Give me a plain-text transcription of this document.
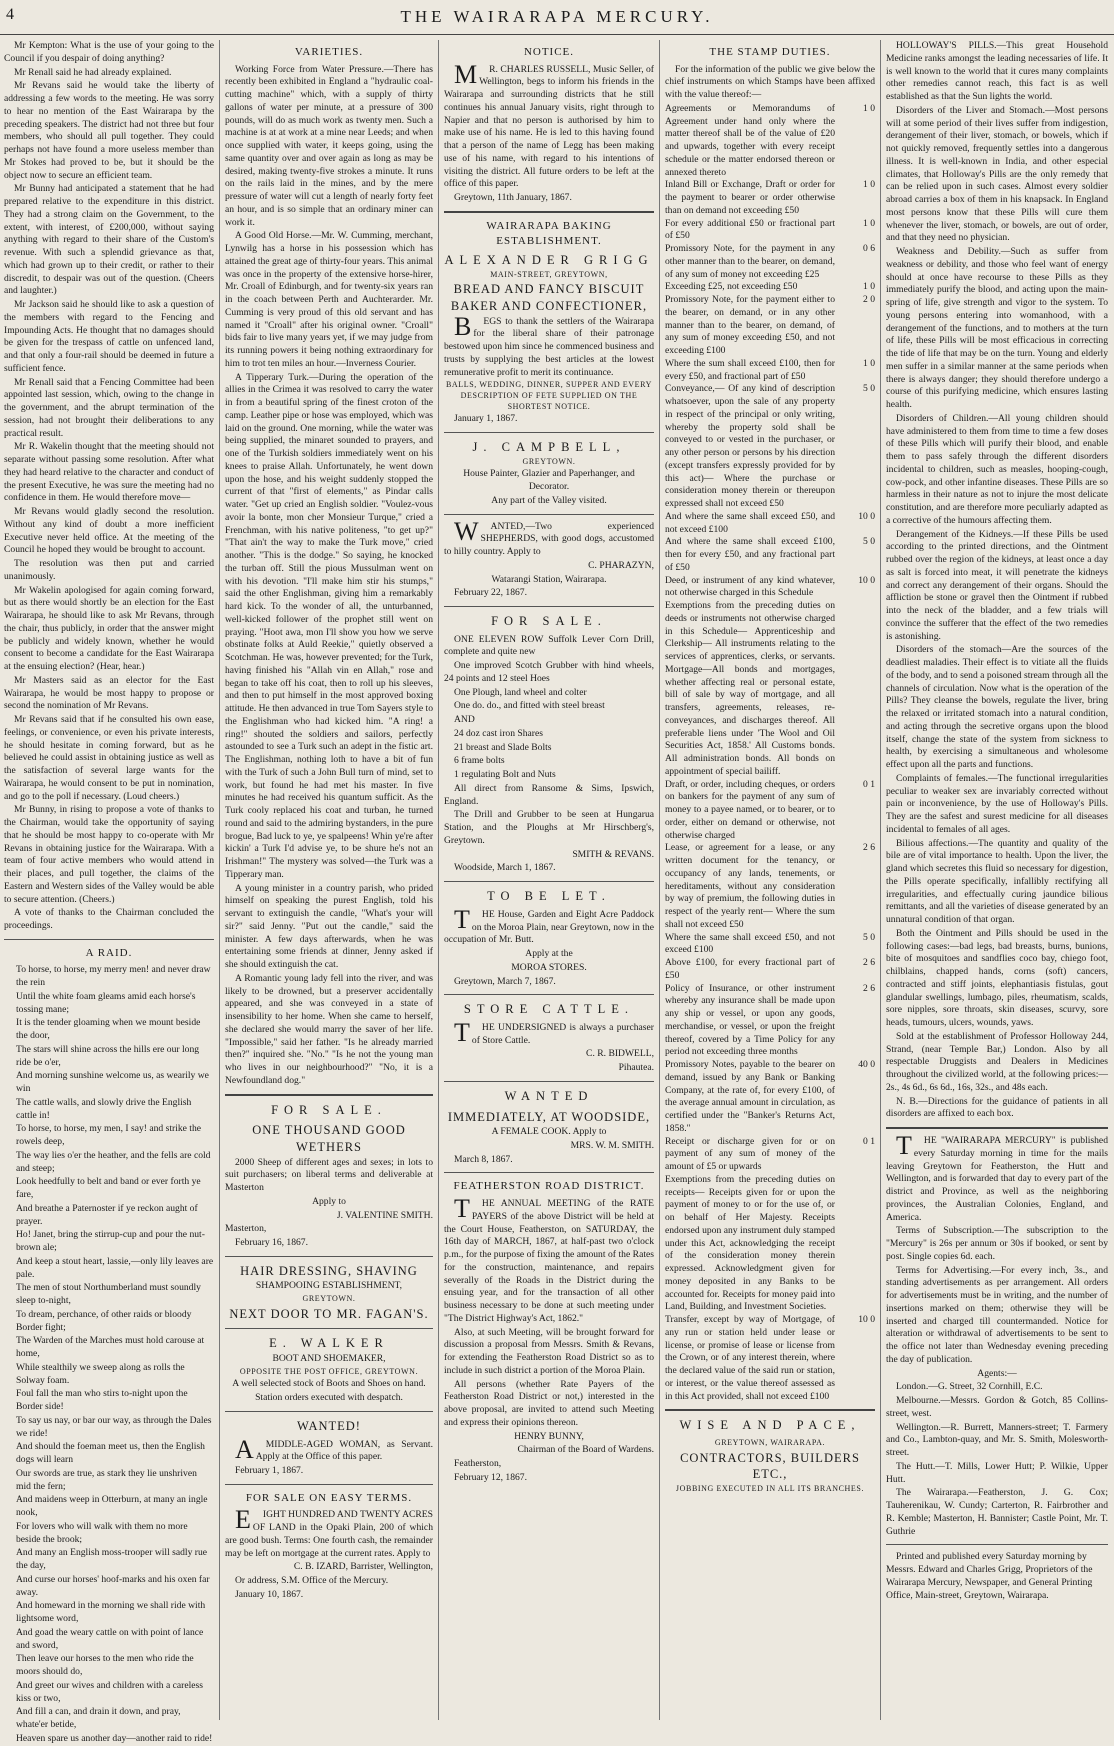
4	THE WAIRARAPA MERCURY.

Mr Kempton: What is the use of your going to the Council if you despair of doing anything?

Mr Renall said he had already explained.

Mr Revans said he would take the liberty of addressing a few words to the meeting. He was sorry to hear no mention of the East Wairarapa by the preceding speakers. The district had not three but four members, who should all pull together. They could perhaps not have found a more useless member than Mr Stokes had proved to be, but it should be the object now to secure an efficient team.

Mr Bunny had anticipated a statement that he had prepared relative to the expenditure in this district. They had a strong claim on the Government, to the extent, with interest, of £200,000, without saying anything with regard to their share of the Custom's revenue. With such a splendid grievance as that, which had grown up to their credit, or rather to their discredit, to despair was out of the question. (Cheers and laughter.)

Mr Jackson said he should like to ask a question of the members with regard to the Fencing and Impounding Acts. He thought that no damages should be given for the trespass of cattle on unfenced land, and that only a four-rail should be deemed in future a sufficient fence.

Mr Renall said that a Fencing Committee had been appointed last session, which, owing to the change in the government, and the abrupt termination of the session, had not brought their deliberations to any practical result.

Mr R. Wakelin thought that the meeting should not separate without passing some resolution. After what they had heard relative to the character and conduct of the present Executive, he was sure the meeting had no confidence in them. He would therefore move—

Mr Revans would gladly second the resolution. Without any kind of doubt a more inefficient Executive never held office. At the meeting of the Council he hoped they would be brought to account.

The resolution was then put and carried unanimously.

Mr Wakelin apologised for again coming forward, but as there would shortly be an election for the East Wairarapa, he should like to ask Mr Revans, through the chair, thus publicly, in order that the answer might be publicly and widely known, whether he would consent to become a candidate for the East Wairarapa at the ensuing election? (Hear, hear.)

Mr Masters said as an elector for the East Wairarapa, he would be most happy to propose or second the nomination of Mr Revans.

Mr Revans said that if he consulted his own ease, feelings, or convenience, or even his private interests, he should hesitate in coming forward, but as he believed he could assist in obtaining justice as well as the satisfaction of several large wants for the Wairarapa, he would consent to be put in nomination, and go to the poll if necessary. (Loud cheers.)

Mr Bunny, in rising to propose a vote of thanks to the Chairman, would take the opportunity of saying that he should be most happy to co-operate with Mr Revans in obtaining justice for the Wairarapa. With a team of four active members who would attend in their places, and pull together, the claims of the Eastern and Western sides of the Valley would be able to secure attention. (Cheers.)

A vote of thanks to the Chairman concluded the proceedings.

A RAID.

To horse, to horse, my merry men! and never draw the rein

Until the white foam gleams amid each horse's tossing mane;

It is the tender gloaming when we mount beside the door,

The stars will shine across the hills ere our long ride be o'er,

And morning sunshine welcome us, as wearily we win

The cattle walls, and slowly drive the English cattle in!

To horse, to horse, my men, I say! and strike the rowels deep,

The way lies o'er the heather, and the fells are cold and steep;

Look heedfully to belt and band or ever forth ye fare,

And breathe a Paternoster if ye reckon aught of prayer.

Ho! Janet, bring the stirrup-cup and pour the nut-brown ale;

And keep a stout heart, lassie,—only lily leaves are pale.

The men of stout Northumberland must soundly sleep to-night,

To dream, perchance, of other raids or bloody Border fight;

The Warden of the Marches must hold carouse at home,

While stealthily we sweep along as rolls the Solway foam.

Foul fall the man who stirs to-night upon the Border side!

To say us nay, or bar our way, as through the Dales we ride!

And should the foeman meet us, then the English dogs will learn

Our swords are true, as stark they lie unshriven mid the fern;

And maidens weep in Otterburn, at many an ingle nook,

For lovers who will walk with them no more beside the brook;

And many an English moss-trooper will sadly rue the day,

And curse our horses' hoof-marks and his oxen far away.

And homeward in the morning we shall ride with lightsome word,

And goad the weary cattle on with point of lance and sword,

Then leave our horses to the men who ride the moors should do,

And greet our wives and children with a careless kiss or two,

And fill a can, and drain it down, and pray, whate'er betide,

Heaven spare us another day—another raid to ride!

VARIETIES.

Working Force from Water Pressure.—There has recently been exhibited in England a "hydraulic coal-cutting machine" which, with a supply of thirty gallons of water per minute, at a pressure of 300 pounds, will do as much work as twenty men. Such a machine is at at work at a mine near Leeds; and when once supplied with water, it keeps going, using the same quantity over and over again as long as may be desired, making twenty-five strokes a minute. It runs on the rails laid in the mines, and by the mere pressure of water will cut a length of nearly forty feet an hour, and is so simple that an ordinary miner can work it.

A Good Old Horse.—Mr. W. Cumming, merchant, Lynwilg has a horse in his possession which has attained the great age of thirty-four years. This animal was once in the property of the extensive horse-hirer, Mr. Croall of Edinburgh, and for twenty-six years ran in the coach between Perth and Auchterarder. Mr. Cumming is very proud of this old servant and has named it "Croall" after his original owner. "Croall" bids fair to live many years yet, if we may judge from its running powers it being nothing extraordinary for him to trot ten miles an hour.—Inverness Courier.

A Tipperary Turk.—During the operation of the allies in the Crimea it was resolved to carry the water in from a beautiful spring of the finest croton of the camp. Leather pipe or hose was employed, which was laid on the ground. One morning, while the water was being supplied, the minaret sounded to prayers, and one of the Turkish soldiers immediately went on his knees to praise Allah. Unfortunately, he went down upon the hose, and his weight suddenly stopped the current of that "first of elements," as Pindar calls water. "Get up cried an English soldier. "Voulez-vous avoir la bonte, mon cher Monsieur Turque," cried a Frenchman, with his native politeness, "to get up?" "That ain't the way to make the Turk move," cried another. "This is the dodge." So saying, he knocked the turban off. Still the pious Mussulman went on with his devotion. "I'll make him stir his stumps," said the other Englishman, giving him a remarkably hard kick. To the wonder of all, the unturbanned, well-kicked follower of the prophet still went on praying. "Hoot awa, mon I'll show you how we serve obstinate folks at Auld Reekie," quietly observed a Scotchman. He was, however prevented; for the Turk, having finished his "Allah vin en Allah," rose and began to take off his coat, then to roll up his sleeves, and then to put himself in the most approved boxing attitude. He then advanced in true Tom Sayers style to the Englishman who had kicked him. "A ring! a ring!" shouted the soldiers and sailors, perfectly astounded to see a Turk such an adept in the fistic art. The Englishman, nothing loth to have a bit of fun with the Turk of such a John Bull turn of mind, set to work, but found he had met his master. In five minutes he had received his quantum sufficit. As the Turk cooly replaced his coat and turban, he turned round and said to the admiring bystanders, in the pure brogue, Bad luck to ye, ye spalpeens! Whin ye're after kickin' a Turk I'd advise ye, to be shure he's not an Irishman!" The mystery was solved—the Turk was a Tipperary man.

A young minister in a country parish, who prided himself on speaking the purest English, told his servant to extinguish the candle, "What's your will sir?" said Jenny. "Put out the candle," said the minister. A few days afterwards, when he was entertaining some friends at dinner, Jenny asked if she should extinguish the cat.

A Romantic young lady fell into the river, and was likely to be drowned, but a preserver accidentally appeared, and she was conveyed in a state of insensibility to her home. When she came to herself, she declared she would marry the saver of her life. "Impossible," said her father. "Is he already married then?" inquired she. "No." "Is he not the young man who lives in our neighbourhood?" "No, it is a Newfoundland dog."

FOR SALE.

ONE THOUSAND GOOD WETHERS

2000 Sheep of different ages and sexes; in lots to suit purchasers; on liberal terms and deliverable at Masterton

Apply to

J. VALENTINE SMITH.

Masterton,

February 16, 1867.

HAIR DRESSING, SHAVING

SHAMPOOING ESTABLISHMENT,

GREYTOWN.

NEXT DOOR TO MR. FAGAN'S.

E. WALKER

BOOT AND SHOEMAKER,

OPPOSITE THE POST OFFICE, GREYTOWN.

A well selected stock of Boots and Shoes on hand.

Station orders executed with despatch.

WANTED!

AMIDDLE-AGED WOMAN, as Servant. Apply at the Office of this paper.

February 1, 1867.

FOR SALE ON EASY TERMS.

EIGHT HUNDRED AND TWENTY ACRES OF LAND in the Opaki Plain, 200 of which are good bush. Terms: One fourth cash, the remainder may be left on mortgage at the current rates. Apply to

C. B. IZARD, Barrister, Wellington,

Or address, S.M. Office of the Mercury.

January 10, 1867.

NOTICE.

MR. CHARLES RUSSELL, Music Seller, of Wellington, begs to inform his friends in the Wairarapa and surrounding districts that he still continues his annual January visits, right through to Napier and that no person is authorised by him to make use of his name. He is led to this having found that a person of the name of Legg has been making use of his name, with regard to his intentions of visiting the district. All future orders to be left at the office of this paper.

Greytown, 11th January, 1867.

WAIRARAPA BAKING ESTABLISHMENT.

ALEXANDER GRIGG

MAIN-STREET, GREYTOWN,

BREAD AND FANCY BISCUIT BAKER AND CONFECTIONER,

BEGS to thank the settlers of the Wairarapa for the liberal share of their patronage bestowed upon him since he commenced business and trusts by supplying the best articles at the lowest remunerative profit to merit its continuance.

BALLS, WEDDING, DINNER, SUPPER AND EVERY DESCRIPTION OF FETE SUPPLIED ON THE SHORTEST NOTICE.

January 1, 1867.

J. CAMPBELL,

GREYTOWN.

House Painter, Glazier and Paperhanger, and Decorator.

Any part of the Valley visited.

WANTED,—Two experienced SHEPHERDS, with good dogs, accustomed to hilly country. Apply to

C. PHARAZYN,

Watarangi Station, Wairarapa.

February 22, 1867.

FOR SALE.

ONE ELEVEN ROW Suffolk Lever Corn Drill, complete and quite new

One improved Scotch Grubber with hind wheels, 24 points and 12 steel Hoes

One Plough, land wheel and colter

One do. do., and fitted with steel breast

AND

24 doz cast iron Shares

21 breast and Slade Bolts

6 frame bolts

1 regulating Bolt and Nuts

All direct from Ransome & Sims, Ipswich, England.

The Drill and Grubber to be seen at Hungarua Station, and the Ploughs at Mr Hirschberg's, Greytown.

SMITH & REVANS.

Woodside, March 1, 1867.

TO BE LET.

THE House, Garden and Eight Acre Paddock on the Moroa Plain, near Greytown, now in the occupation of Mr. Butt.

Apply at the

MOROA STORES.

Greytown, March 7, 1867.

STORE CATTLE.

THE UNDERSIGNED is always a purchaser of Store Cattle.

C. R. BIDWELL,

Pihautea.

WANTED

IMMEDIATELY, AT WOODSIDE,

A FEMALE COOK. Apply to

MRS. W. M. SMITH.

March 8, 1867.

FEATHERSTON ROAD DISTRICT.

THE ANNUAL MEETING of the RATE PAYERS of the above District will be held at the Court House, Featherston, on SATURDAY, the 16th day of MARCH, 1867, at half-past two o'clock p.m., for the purpose of fixing the amount of the Rates for the construction, maintenance, and repairs severally of the Roads in the District during the ensuing year, and for the transaction of all other business necessary to be done at such meeting under "The District Highway's Act, 1862."

Also, at such Meeting, will be brought forward for discussion a proposal from Messrs. Smith & Revans, for extending the Featherston Road District so as to include in such district a portion of the Moroa Plain.

All persons (whether Rate Payers of the Featherston Road District or not,) interested in the above proposal, are invited to attend such Meeting and express their opinions thereon.

HENRY BUNNY,

Chairman of the Board of Wardens.

Featherston,

February 12, 1867.

THE STAMP DUTIES.

For the information of the public we give below the chief instruments on which Stamps have been affixed with the value thereof:—

Agreements or Memorandums of Agreement under hand only where the matter thereof shall be of the value of £20 and upwards, together with every receipt schedule or the matter endorsed thereon or annexed thereto
1 0
Inland Bill or Exchange, Draft or order for the payment to bearer or order otherwise than on demand not exceeding £50
1 0
For every additional £50 or fractional part of £50
1 0
Promissory Note, for the payment in any other manner than to the bearer, on demand, of any sum of money not exceeding £25
0 6
Exceeding £25, not exceeding £50	1 0
Promissory Note, for the payment either to the bearer, on demand, or in any other manner than to the bearer, on demand, of any sum of money exceeding £50, and not exceeding £100
2 0
Where the sum shall exceed £100, then for every £50, and fractional part of £50
1 0
Conveyance,— Of any kind of description whatsoever, upon the sale of any property in respect of the principal or only writing, whereby the property sold shall be conveyed to or vested in the purchaser, or any other person or persons by his direction (except transfers expressly provided for by this act)— Where the purchase or consideration money therein or thereupon expressed shall not exceed £50
5 0
And where the same shall exceed £50, and not exceed £100
10 0
And where the same shall exceed £100, then for every £50, and any fractional part of £50
5 0
Deed, or instrument of any kind whatever, not otherwise charged in this Schedule
10 0
Exemptions from the preceding duties on deeds or instruments not otherwise charged in this Schedule— Apprenticeship and Clerkship— All instruments relating to the services of apprentices, clerks, or servants. Mortgage—All bonds and mortgages, whether affecting real or personal estate, bill of sale by way of mortgage, and all transfers, agreements, releases, re-conveyances, and discharges thereof. All preferable liens under 'The Wool and Oil Securities Act, 1858.' All Customs bonds. All administration bonds. All bonds on appointment of special bailiff.
Draft, or order, including cheques, or orders on bankers for the payment of any sum of money to a payee named, or to bearer, or to order, either on demand or otherwise, not otherwise charged
0 1
Lease, or agreement for a lease, or any written document for the tenancy, or occupancy of any lands, tenements, or hereditaments, without any consideration by way of premium, the following duties in respect of the yearly rent— Where the sum shall not exceed £50
2 6
Where the same shall exceed £50, and not exceed £100
5 0
Above £100, for every fractional part of £50
2 6
Policy of Insurance, or other instrument whereby any insurance shall be made upon any ship or vessel, or upon any goods, merchandise, or vessel, or upon the freight thereof, covered by a Time Policy for any period not exceeding three months
2 6
Promissory Notes, payable to the bearer on demand, issued by any Bank or Banking Company, at the rate of, for every £100, of the average annual amount in circulation, as certified under the "Banker's Returns Act, 1858."
40 0
Receipt or discharge given for or on payment of any sum of money of the amount of £5 or upwards
0 1
Exemptions from the preceding duties on receipts— Receipts given for or upon the payment of money to or for the use of, or on behalf of Her Majesty. Receipts endorsed upon any instrument duly stamped under this Act, acknowledging the receipt of the consideration money therein expressed. Acknowledgment given for money deposited in any Banks to be accounted for. Receipts for money paid into Land, Building, and Investment Societies.
Transfer, except by way of Mortgage, of any run or station held under lease or license, or promise of lease or license from the Crown, or of any interest therein, where the declared value of the said run or station, or interest, or the value thereof assessed as in this Act provided, shall not exceed £100
10 0
WISE AND PACE,

GREYTOWN, WAIRARAPA.

CONTRACTORS, BUILDERS ETC.,

JOBBING EXECUTED IN ALL ITS BRANCHES.

HOLLOWAY'S PILLS.—This great Household Medicine ranks amongst the leading necessaries of life. It is well known to the world that it cures many complaints other remedies cannot reach, this fact is as well established as that the Sun lights the world.

Disorders of the Liver and Stomach.—Most persons will at some period of their lives suffer from indigestion, derangement of their liver, stomach, or bowels, which if not quickly removed, frequently settles into a dangerous illness. It is well-known in India, and other especial climates, that Holloway's Pills are the only remedy that can be relied upon in such cases. Almost every soldier abroad carries a box of them in his knapsack. In England most persons know that these Pills will cure them whenever the liver, stomach, or bowels, are out of order, and that they need no physician.

Weakness and Debility.—Such as suffer from weakness or debility, and those who feel want of energy should at once have recourse to these Pills as they immediately purify the blood, and acting upon the main-spring of life, give strength and vigor to the system. To young persons entering into womanhood, with a derangement of the functions, and to mothers at the turn of life, these Pills will be most efficacious in correcting the tide of life that may be on the turn. Young and elderly men suffer in a similar manner at the same periods when there is always danger; they should therefore undergo a course of this purifying medicine, which ensures lasting health.

Disorders of Children.—All young children should have administered to them from time to time a few doses of these Pills which will purify their blood, and enable them to pass safely through the different disorders incidental to children, such as measles, hooping-cough, cow-pock, and other infantine diseases. These Pills are so harmless in their nature as not to injure the most delicate constitution, and are therefore more peculiarly adapted as a corrective of the humours affecting them.

Derangement of the Kidneys.—If these Pills be used according to the printed directions, and the Ointment rubbed over the region of the kidneys, at least once a day as salt is forced into meat, it will penetrate the kidneys and correct any derangement of their organs. Should the affliction be stone or gravel then the Ointment if rubbed into the neck of the bladder, and a few trials will convince the sufferer that the effect of the two remedies is astonishing.

Disorders of the stomach—Are the sources of the deadliest maladies. Their effect is to vitiate all the fluids of the body, and to send a poisoned stream through all the channels of circulation. Now what is the operation of the Pills? They cleanse the bowels, regulate the liver, bring the relaxed or irritated stomach into a natural condition, and acting through the secretive organs upon the blood itself, change the state of the system from sickness to health, by exercising a simultaneous and wholesome effect upon all the parts and functions.

Complaints of females.—The functional irregularities peculiar to weaker sex are invariably corrected without pain or inconvenience, by the use of Holloway's Pills. They are the safest and surest medicine for all diseases incidental to females of all ages.

Bilious affections.—The quantity and quality of the bile are of vital importance to health. Upon the liver, the gland which secretes this fluid so necessary for digestion, the Pills operate specifically, infallibly rectifying all irregularities, and effectually curing jaundice bilious remittants, and all the varieties of disease generated by an unnatural condition of that organ.

Both the Ointment and Pills should be used in the following cases:—bad legs, bad breasts, burns, bunions, bite of mosquitoes and sandflies coco bay, chiego foot, chilblains, chapped hands, corns (soft) cancers, contracted and stiff joints, elephantiasis fistulas, gout glandular swellings, lumbago, piles, rheumatism, scalds, sore nipples, sore throats, skin diseases, scurvy, sore heads, tumours, ulcers, wounds, yaws.

Sold at the establishment of Professor Holloway 244, Strand, (near Temple Bar,) London. Also by all respectable Druggists and Dealers in Medicines throughout the civilized world, at the following prices:—2s., 4s 6d., 6s 6d., 16s, 32s., and 48s each.

N. B.—Directions for the guidance of patients in all disorders are affixed to each box.

THE "WAIRARAPA MERCURY" is published every Saturday morning in time for the mails leaving Greytown for Featherston, the Hutt and Wellington, and is forwarded that day to every part of the district and Province, as well as the neighboring provinces, the Australian Colonies, England, and America.

Terms of Subscription.—The subscription to the "Mercury" is 26s per annum or 30s if booked, or sent by post. Single copies 6d. each.

Terms for Advertising.—For every inch, 3s., and standing advertisements as per arrangement. All orders for advertisements must be in writing, and the number of insertions marked on them; otherwise they will be inserted and charged till countermanded. Notice for alteration or withdrawal of advertisements to be sent to the office not later than Wednesday evening preceding the day of publication.

Agents:—

London.—G. Street, 32 Cornhill, E.C.

Melbourne.—Messrs. Gordon & Gotch, 85 Collins-street, west.

Wellington.—R. Burrett, Manners-street; T. Farmery and Co., Lambton-quay, and Mr. S. Smith, Molesworth-street.

The Hutt.—T. Mills, Lower Hutt; P. Wilkie, Upper Hutt.

The Wairarapa.—Featherston, J. G. Cox; Tauherenikau, W. Cundy; Carterton, R. Fairbrother and R. Kemble; Masterton, H. Bannister; Castle Point, Mr. T. Guthrie

Printed and published every Saturday morning by Messrs. Edward and Charles Grigg, Proprietors of the Wairarapa Mercury, Newspaper, and General Printing Office, Main-street, Greytown, Wairarapa.
